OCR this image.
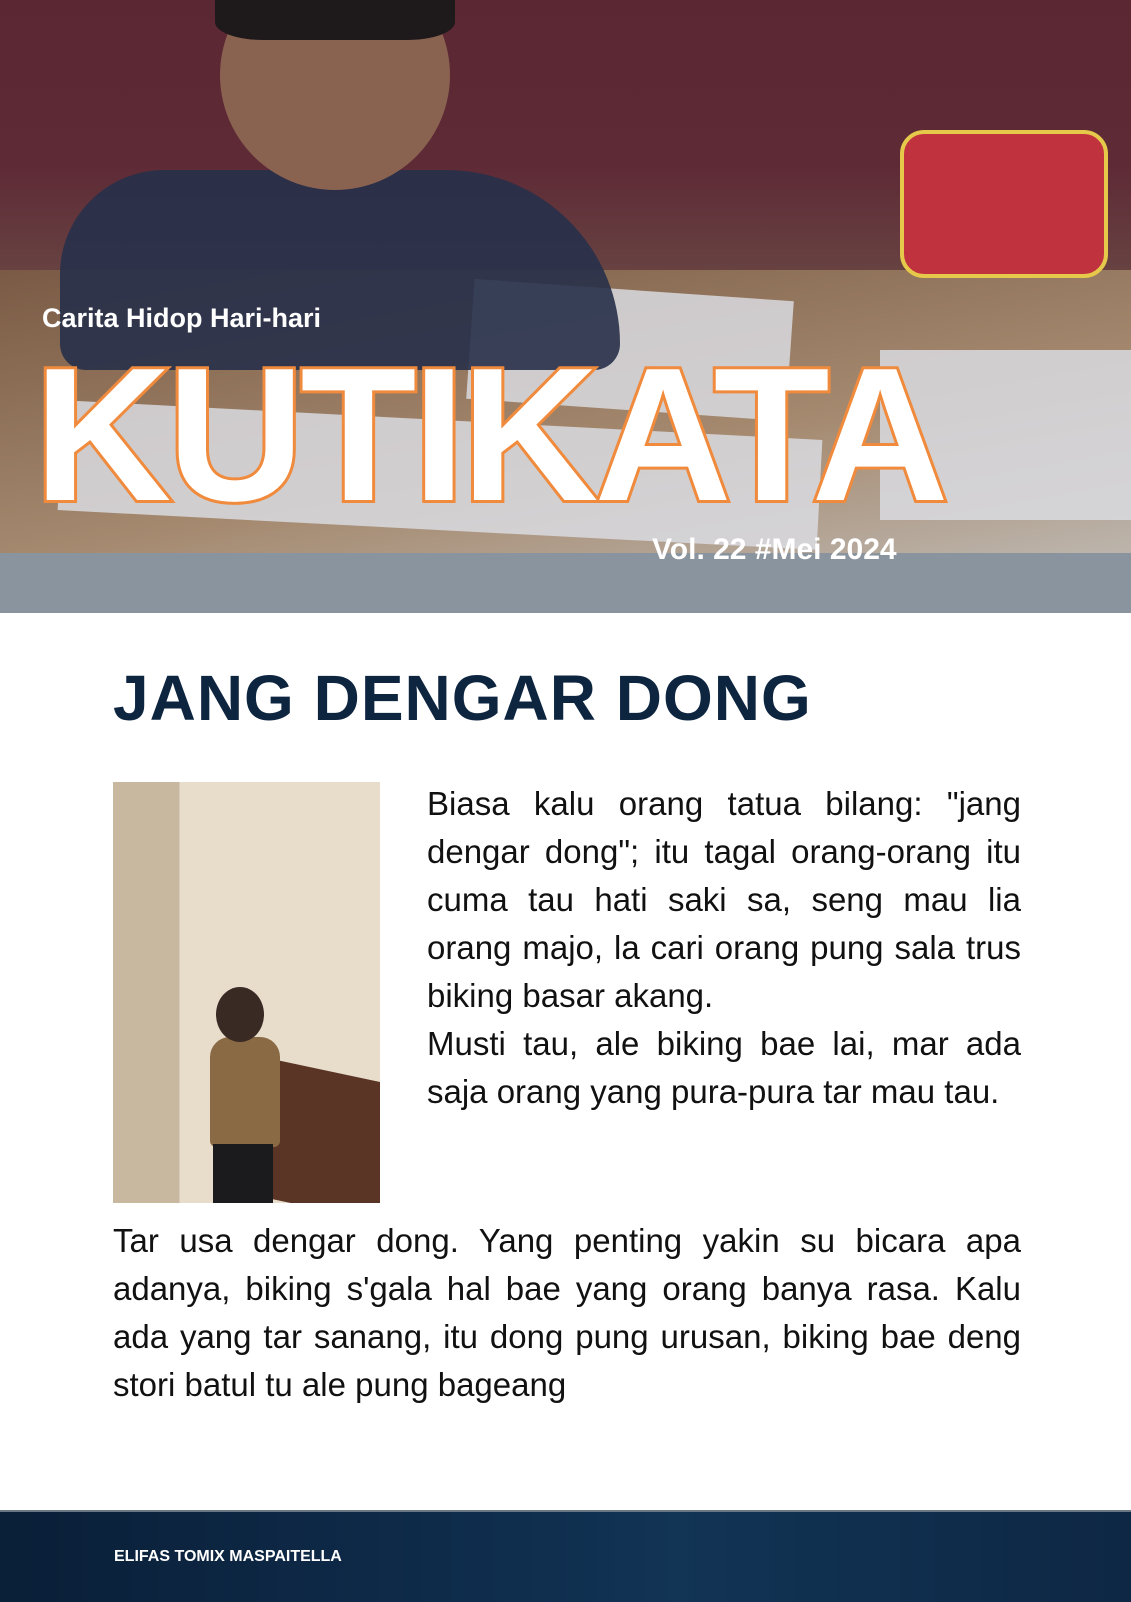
Carita Hidop Hari-hari
KUTIKATA
Vol. 22 #Mei 2024
JANG DENGAR DONG

Biasa kalu orang tatua bilang: "jang dengar dong"; itu tagal orang-orang itu cuma tau hati saki sa, seng mau lia orang majo, la cari orang pung sala trus biking basar akang.

Musti tau, ale biking bae lai, mar ada saja orang yang pura-pura tar mau tau.

Tar usa dengar dong. Yang penting yakin su bicara apa adanya, biking s'gala hal bae yang orang banya rasa. Kalu ada yang tar sanang, itu dong pung urusan, biking bae deng stori batul tu ale pung bageang

ELIFAS TOMIX MASPAITELLA
